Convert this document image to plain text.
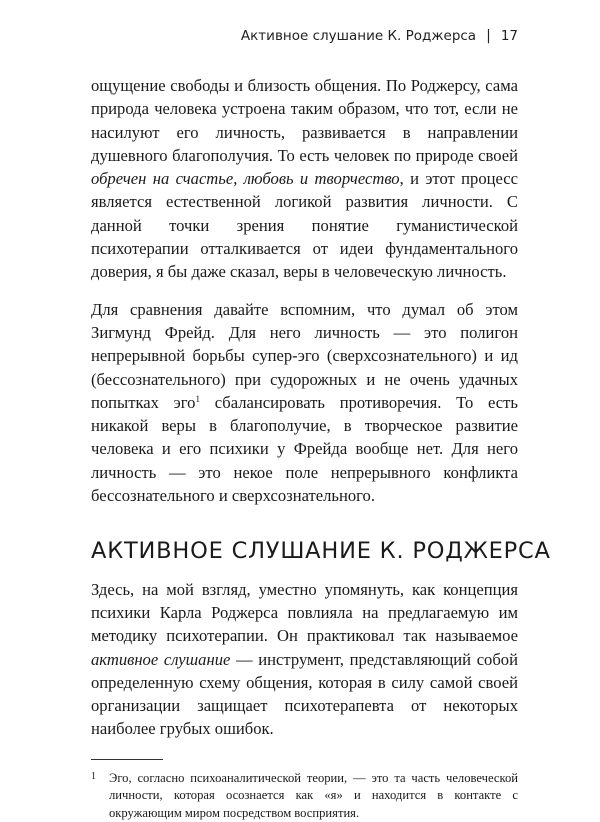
Активное слушание К. Роджерса | 17

ощущение свободы и близость общения. По Роджерсу, сама природа человека устроена таким образом, что тот, если не насилуют его личность, развивается в направлении душевного благополучия. То есть человек по природе своей обречен на счастье, любовь и творчество, и этот процесс является естественной логикой развития личности. С данной точки зрения понятие гуманистической психотерапии отталкивается от идеи фундаментального доверия, я бы даже сказал, веры в человеческую личность.

Для сравнения давайте вспомним, что думал об этом Зигмунд Фрейд. Для него личность — это полигон непрерывной борьбы супер-эго (сверхсознательного) и ид (бессознательного) при судорожных и не очень удачных попытках эго$^1$ сбалансировать противоречия. То есть никакой веры в благополучие, в творческое развитие человека и его психики у Фрейда вообще нет. Для него личность — это некое поле непрерывного конфликта бессознательного и сверхсознательного.

АКТИВНОЕ СЛУШАНИЕ К. РОДЖЕРСА

Здесь, на мой взгляд, уместно упомянуть, как концепция психики Карла Роджерса повлияла на предлагаемую им методику психотерапии. Он практиковал так называемое активное слушание — инструмент, представляющий собой определенную схему общения, которая в силу самой своей организации защищает психотерапевта от некоторых наиболее грубых ошибок.

1	Эго, согласно психоаналитической теории, — это та часть человеческой личности, которая осознается как «я» и находится в контакте с окружающим миром посредством восприятия.
